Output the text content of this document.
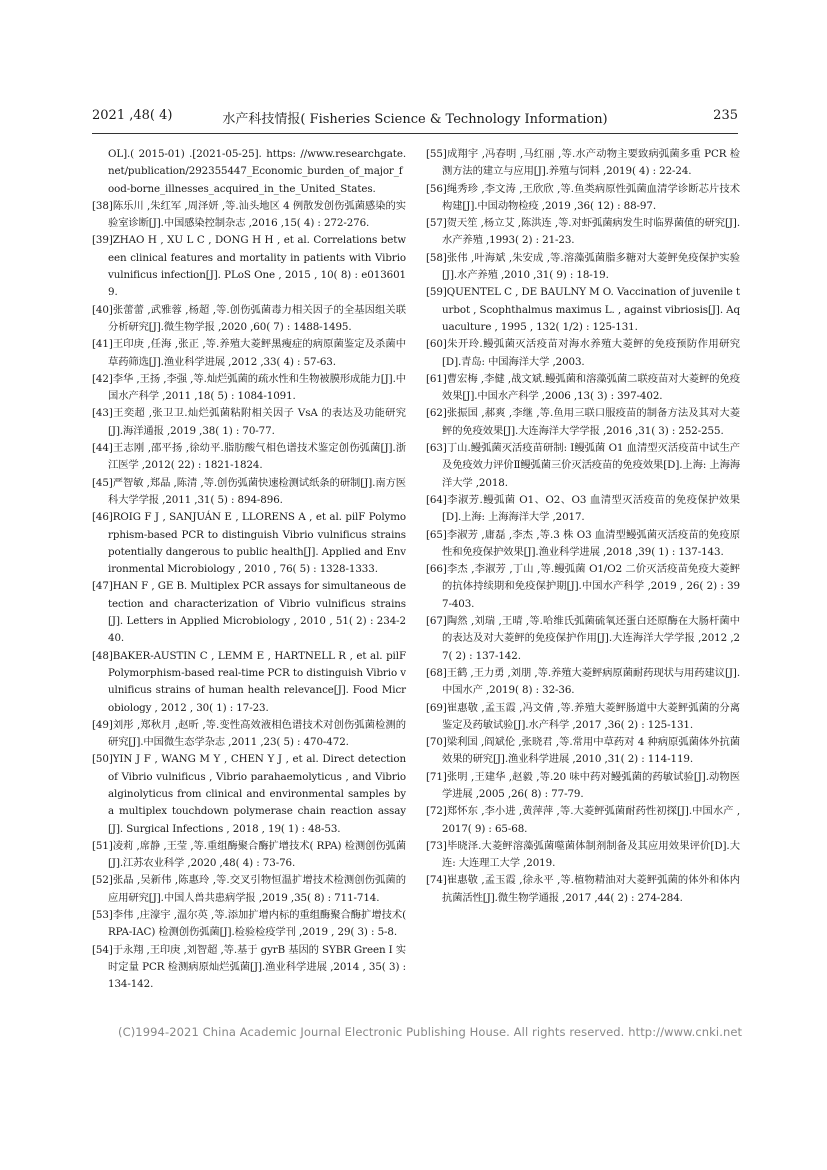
2021 ,48( 4)	水产科技情报( Fisheries Science & Technology Information)	235

OL].( 2015-01) .[2021-05-25]. https: //www.researchgate.net/publication/292355447_Economic_burden_of_major_food-borne_illnesses_acquired_in_the_United_States.

[38]陈乐川 ,朱红军 ,周泽妍 ,等.汕头地区 4 例散发创伤弧菌感染的实验室诊断[J].中国感染控制杂志 ,2016 ,15( 4) : 272-276.

[39]ZHAO H , XU L C , DONG H H , et al. Correlations between clinical features and mortality in patients with Vibrio vulnificus infection[J]. PLoS One , 2015 , 10( 8) : e0136019.

[40]张蕾蕾 ,武雅蓉 ,杨超 ,等.创伤弧菌毒力相关因子的全基因组关联分析研究[J].微生物学报 ,2020 ,60( 7) : 1488-1495.

[41]王印庚 ,任海 ,张正 ,等.养殖大菱鲆黑瘦症的病原菌鉴定及杀菌中草药筛选[J].渔业科学进展 ,2012 ,33( 4) : 57-63.

[42]李华 ,王扬 ,李强 ,等.灿烂弧菌的疏水性和生物被膜形成能力[J].中国水产科学 ,2011 ,18( 5) : 1084-1091.

[43]王奕超 ,张卫卫.灿烂弧菌粘附相关因子 VsA 的表达及功能研究[J].海洋通报 ,2019 ,38( 1) : 70-77.

[44]王志刚 ,邵平扬 ,徐幼平.脂肪酸气相色谱技术鉴定创伤弧菌[J].浙江医学 ,2012( 22) : 1821-1824.

[45]严智敏 ,郑晶 ,陈清 ,等.创伤弧菌快速检测试纸条的研制[J].南方医科大学学报 ,2011 ,31( 5) : 894-896.

[46]ROIG F J , SANJUÁN E , LLORENS A , et al. pilF Polymorphism-based PCR to distinguish Vibrio vulnificus strains potentially dangerous to public health[J]. Applied and Environmental Microbiology , 2010 , 76( 5) : 1328-1333.

[47]HAN F , GE B. Multiplex PCR assays for simultaneous detection and characterization of Vibrio vulnificus strains [J]. Letters in Applied Microbiology , 2010 , 51( 2) : 234-240.

[48]BAKER-AUSTIN C , LEMM E , HARTNELL R , et al. pilF Polymorphism-based real-time PCR to distinguish Vibrio vulnificus strains of human health relevance[J]. Food Microbiology , 2012 , 30( 1) : 17-23.

[49]刘彤 ,郑秋月 ,赵昕 ,等.变性高效液相色谱技术对创伤弧菌检测的研究[J].中国微生态学杂志 ,2011 ,23( 5) : 470-472.

[50]YIN J F , WANG M Y , CHEN Y J , et al. Direct detection of Vibrio vulnificus , Vibrio parahaemolyticus , and Vibrio alginolyticus from clinical and environmental samples by a multiplex touchdown polymerase chain reaction assay[J]. Surgical Infections , 2018 , 19( 1) : 48-53.

[51]凌莉 ,席静 ,王莹 ,等.重组酶聚合酶扩增技术( RPA) 检测创伤弧菌[J].江苏农业科学 ,2020 ,48( 4) : 73-76.

[52]张晶 ,吴新伟 ,陈惠玲 ,等.交叉引物恒温扩增技术检测创伤弧菌的应用研究[J].中国人兽共患病学报 ,2019 ,35( 8) : 711-714.

[53]李伟 ,庄濠宇 ,温尔英 ,等.添加扩增内标的重组酶聚合酶扩增技术( RPA-IAC) 检测创伤弧菌[J].检验检疫学刊 ,2019 , 29( 3) : 5-8.

[54]于永翔 ,王印庚 ,刘智超 ,等.基于 gyrB 基因的 SYBR Green I 实时定量 PCR 检测病原灿烂弧菌[J].渔业科学进展 ,2014 , 35( 3) : 134-142.

[55]成翔宇 ,冯春明 ,马红丽 ,等.水产动物主要致病弧菌多重 PCR 检测方法的建立与应用[J].养殖与饲料 ,2019( 4) : 22-24.

[56]绳秀珍 ,李文涛 ,王欣欣 ,等.鱼类病原性弧菌血清学诊断芯片技术构建[J].中国动物检疫 ,2019 ,36( 12) : 88-97.

[57]贺天笙 ,杨立艾 ,陈洪连 ,等.对虾弧菌病发生时临界菌值的研究[J].水产养殖 ,1993( 2) : 21-23.

[58]张伟 ,叶海斌 ,朱安成 ,等.溶藻弧菌脂多糖对大菱鲆免疫保护实验[J].水产养殖 ,2010 ,31( 9) : 18-19.

[59]QUENTEL C , DE BAULNY M O. Vaccination of juvenile turbot , Scophthalmus maximus L. , against vibriosis[J]. Aquaculture , 1995 , 132( 1/2) : 125-131.

[60]朱开玲.鳗弧菌灭活疫苗对海水养殖大菱鲆的免疫预防作用研究[D].青岛: 中国海洋大学 ,2003.

[61]曹宏梅 ,李健 ,战文斌.鳗弧菌和溶藻弧菌二联疫苗对大菱鲆的免疫效果[J].中国水产科学 ,2006 ,13( 3) : 397-402.

[62]张振国 ,郝爽 ,李继 ,等.鱼用三联口服疫苗的制备方法及其对大菱鲆的免疫效果[J].大连海洋大学学报 ,2016 ,31( 3) : 252-255.

[63]丁山.鳗弧菌灭活疫苗研制: Ⅰ鳗弧菌 O1 血清型灭活疫苗中试生产及免疫效力评价Ⅱ鳗弧菌三价灭活疫苗的免疫效果[D].上海: 上海海洋大学 ,2018.

[64]李淑芳.鳗弧菌 O1、O2、O3 血清型灭活疫苗的免疫保护效果[D].上海: 上海海洋大学 ,2017.

[65]李淑芳 ,庸磊 ,李杰 ,等.3 株 O3 血清型鳗弧菌灭活疫苗的免疫原性和免疫保护效果[J].渔业科学进展 ,2018 ,39( 1) : 137-143.

[66]李杰 ,李淑芳 ,丁山 ,等.鳗弧菌 O1/O2 二价灭活疫苗免疫大菱鲆的抗体持续期和免疫保护期[J].中国水产科学 ,2019 , 26( 2) : 397-403.

[67]陶然 ,刘瑞 ,王晴 ,等.哈维氏弧菌硫氧还蛋白还原酶在大肠杆菌中的表达及对大菱鲆的免疫保护作用[J].大连海洋大学学报 ,2012 ,27( 2) : 137-142.

[68]王鹤 ,王力勇 ,刘朋 ,等.养殖大菱鲆病原菌耐药现状与用药建议[J].中国水产 ,2019( 8) : 32-36.

[69]崔惠敬 ,孟玉霞 ,冯文倩 ,等.养殖大菱鲆肠道中大菱鲆弧菌的分离鉴定及药敏试验[J].水产科学 ,2017 ,36( 2) : 125-131.

[70]梁利国 ,阎斌伦 ,张晓君 ,等.常用中草药对 4 种病原弧菌体外抗菌效果的研究[J].渔业科学进展 ,2010 ,31( 2) : 114-119.

[71]张明 ,王建华 ,赵毅 ,等.20 味中药对鳗弧菌的药敏试验[J].动物医学进展 ,2005 ,26( 8) : 77-79.

[72]郑怀东 ,李小进 ,黄萍萍 ,等.大菱鲆弧菌耐药性初探[J].中国水产 ,2017( 9) : 65-68.

[73]毕晓泽.大菱鲆溶藻弧菌噬菌体制剂制备及其应用效果评价[D].大连: 大连理工大学 ,2019.

[74]崔惠敬 ,孟玉霞 ,徐永平 ,等.植物精油对大菱鲆弧菌的体外和体内抗菌活性[J].微生物学通报 ,2017 ,44( 2) : 274-284.

(C)1994-2021 China Academic Journal Electronic Publishing House. All rights reserved. http://www.cnki.net
